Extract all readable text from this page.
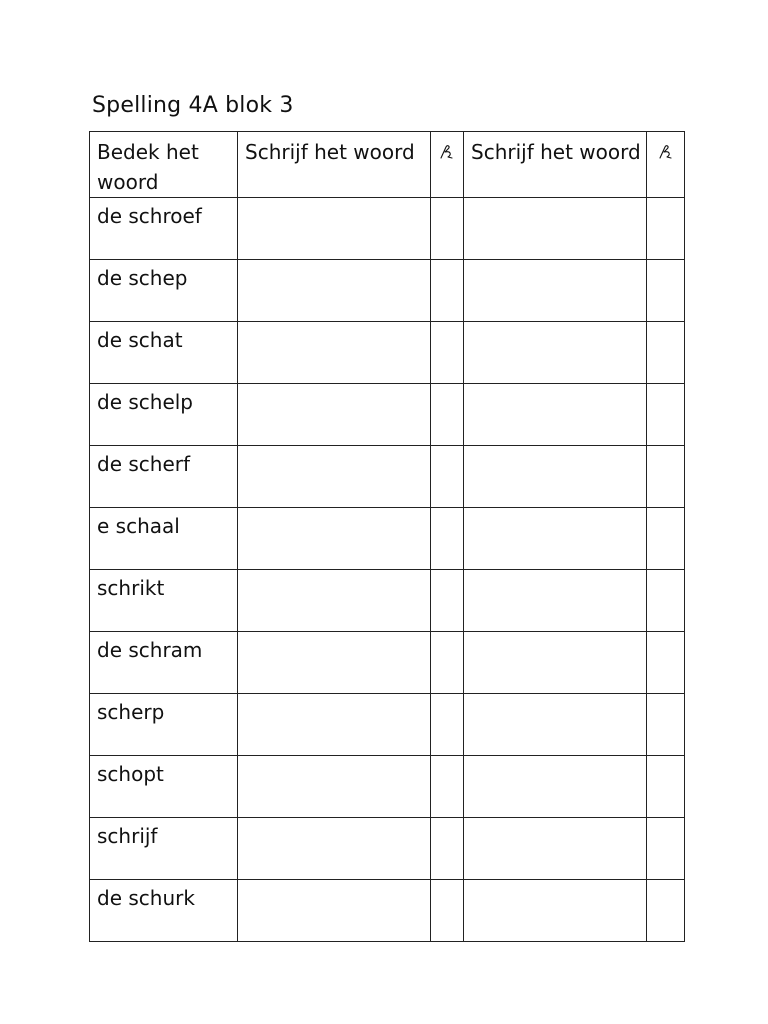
Spelling 4A blok 3
Bedek het woord	Schrijf het woord		Schrijf het woord	
de schroef				
de schep				
de schat				
de schelp				
de scherf				
e schaal				
schrikt				
de schram				
scherp				
schopt				
schrijf				
de schurk				
